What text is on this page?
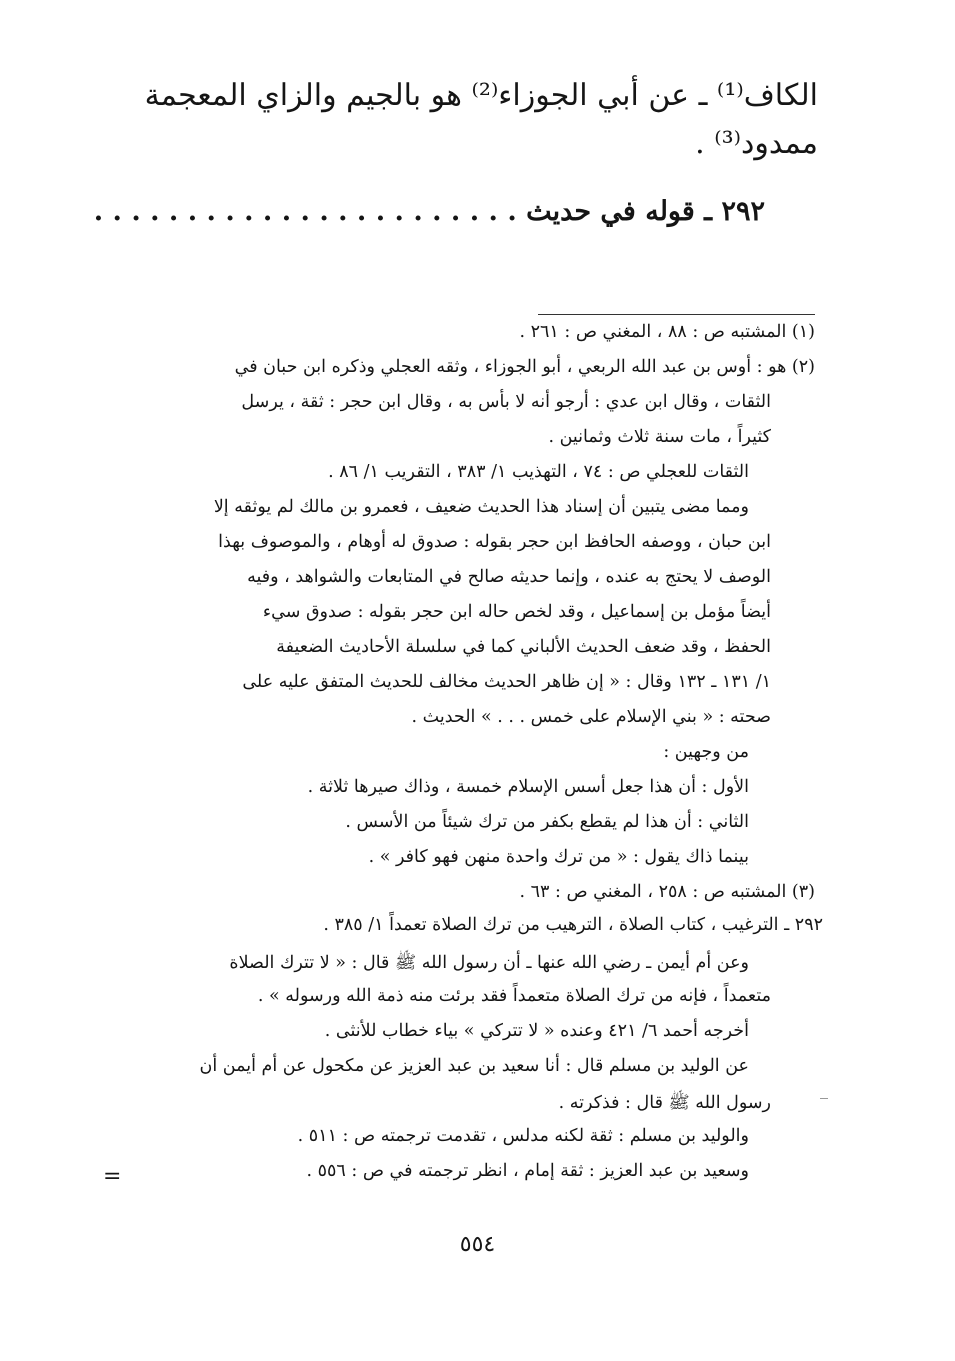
الكاف⁽¹⁾ ـ عن أبي الجوزاء⁽²⁾ هو بالجيم والزاي المعجمة
ممدود⁽³⁾ .
٢٩٢ ـ قوله في حديث . . . . . . . . . . . . . . . . . . . . . . .
(١) المشتبه ص : ٨٨ ، المغني ص : ٢٦١ .
(٢) هو : أوس بن عبد الله الربعي ، أبو الجوزاء ، وثقه العجلي وذكره ابن حبان في
الثقات ، وقال ابن عدي : أرجو أنه لا بأس به ، وقال ابن حجر : ثقة ، يرسل
كثيراً ، مات سنة ثلاث وثمانين .
الثقات للعجلي ص : ٧٤ ، التهذيب ١/ ٣٨٣ ، التقريب ١/ ٨٦ .
ومما مضى يتبين أن إسناد هذا الحديث ضعيف ، فعمرو بن مالك لم يوثقه إلا
ابن حبان ، ووصفه الحافظ ابن حجر بقوله : صدوق له أوهام ، والموصوف بهذا
الوصف لا يحتج به عنده ، وإنما حديثه صالح في المتابعات والشواهد ، وفيه
أيضاً مؤمل بن إسماعيل ، وقد لخص حاله ابن حجر بقوله : صدوق سيء
الحفظ ، وقد ضعف الحديث الألباني كما في سلسلة الأحاديث الضعيفة
١/ ١٣١ ـ ١٣٢ وقال : « إن ظاهر الحديث مخالف للحديث المتفق عليه على
صحته : « بني الإسلام على خمس . . . » الحديث .
من وجهين :
الأول : أن هذا جعل أسس الإسلام خمسة ، وذاك صيرها ثلاثة .
الثاني : أن هذا لم يقطع بكفر من ترك شيئاً من الأسس .
بينما ذاك يقول : « من ترك واحدة منهن فهو كافر » .
(٣) المشتبه ص : ٢٥٨ ، المغني ص : ٦٣ .
٢٩٢ ـ الترغيب ، كتاب الصلاة ، الترهيب من ترك الصلاة تعمداً ١/ ٣٨٥ .
وعن أم أيمن ـ رضي الله عنها ـ أن رسول الله ﷺ قال : « لا تترك الصلاة
متعمداً ، فإنه من ترك الصلاة متعمداً فقد برئت منه ذمة الله ورسوله » .
أخرجه أحمد ٦/ ٤٢١ وعنده « لا تتركي » بياء خطاب للأنثى .
عن الوليد بن مسلم قال : أنا سعيد بن عبد العزيز عن مكحول عن أم أيمن أن
رسول الله ﷺ قال : فذكرته .
والوليد بن مسلم : ثقة لكنه مدلس ، تقدمت ترجمته ص : ٥١١ .
وسعيد بن عبد العزيز : ثقة إمام ، انظر ترجمته في ص : ٥٥٦ .
=
٥٥٤
